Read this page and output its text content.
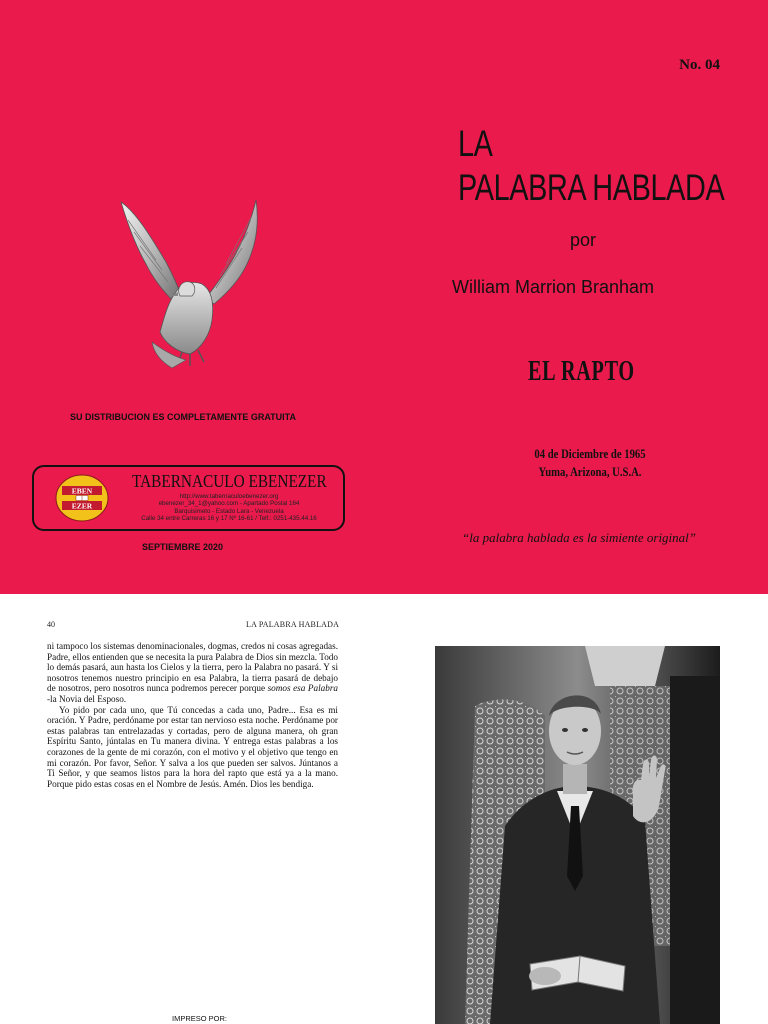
No. 04
LA
PALABRA HABLADA
por
William Marrion Branham
EL RAPTO
04 de Diciembre de 1965
Yuma, Arizona, U.S.A.
“la palabra hablada es la simiente original”
SU DISTRIBUCION ES COMPLETAMENTE GRATUITA
EBEN
EZER
TABERNACULO EBENEZER
http://www.tabernaculoebenezer.org
ebenezer_34_1@yahoo.com - Apartado Postal 164
Barquisimeto - Estado Lara - Venezuela
Calle 34 entre Carreras 16 y 17 Nº 16-61 / Telf.: 0251-435.44.16
SEPTIEMBRE 2020
40	LA PALABRA HABLADA

ni tampoco los sistemas denominacionales, dogmas, credos ni cosas agregadas. Padre, ellos entienden que se necesita la pura Palabra de Dios sin mezcla. Todo lo demás pasará, aun hasta los Cielos y la tierra, pero la Palabra no pasará. Y si nosotros tenemos nuestro principio en esa Palabra, la tierra pasará de debajo de nosotros, pero nosotros nunca podremos perecer porque somos esa Palabra -la Novia del Esposo.

Yo pido por cada uno, que Tú concedas a cada uno, Padre... Esa es mi oración. Y Padre, perdóname por estar tan nervioso esta noche. Perdóname por estas palabras tan entrelazadas y cortadas, pero de alguna manera, oh gran Espíritu Santo, júntalas en Tu manera divina. Y entrega estas palabras a los corazones de la gente de mi corazón, con el motivo y el objetivo que tengo en mi corazón. Por favor, Señor. Y salva a los que pueden ser salvos. Júntanos a Ti Señor, y que seamos listos para la hora del rapto que está ya a la mano. Porque pido estas cosas en el Nombre de Jesús. Amén. Dios les bendiga.

IMPRESO POR:
